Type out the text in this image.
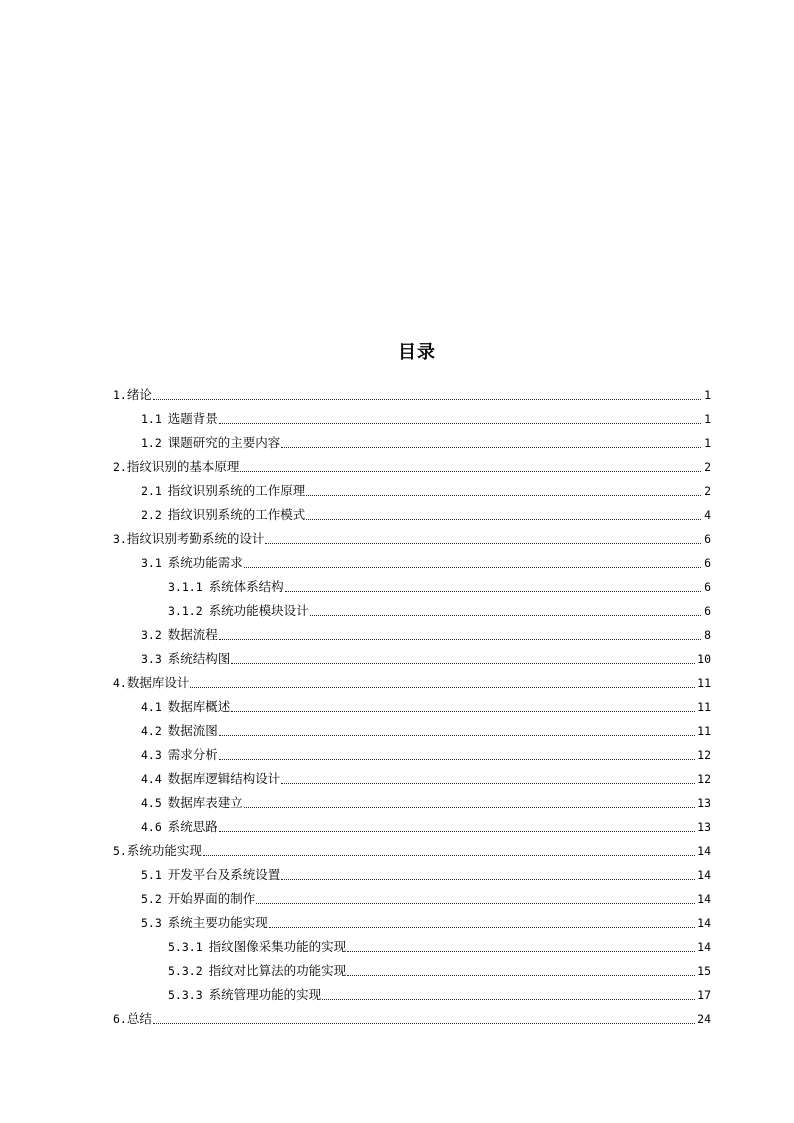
目录
1.绪论	1
1.1 选题背景	1
1.2 课题研究的主要内容	1
2.指纹识别的基本原理	2
2.1 指纹识别系统的工作原理	2
2.2 指纹识别系统的工作模式	4
3.指纹识别考勤系统的设计	6
3.1 系统功能需求	6
3.1.1 系统体系结构	6
3.1.2 系统功能模块设计	6
3.2 数据流程	8
3.3 系统结构图	10
4.数据库设计	11
4.1 数据库概述	11
4.2 数据流图	11
4.3 需求分析	12
4.4 数据库逻辑结构设计	12
4.5 数据库表建立	13
4.6 系统思路	13
5.系统功能实现	14
5.1 开发平台及系统设置	14
5.2 开始界面的制作	14
5.3 系统主要功能实现	14
5.3.1 指纹图像采集功能的实现	14
5.3.2 指纹对比算法的功能实现	15
5.3.3 系统管理功能的实现	17
6.总结	24
